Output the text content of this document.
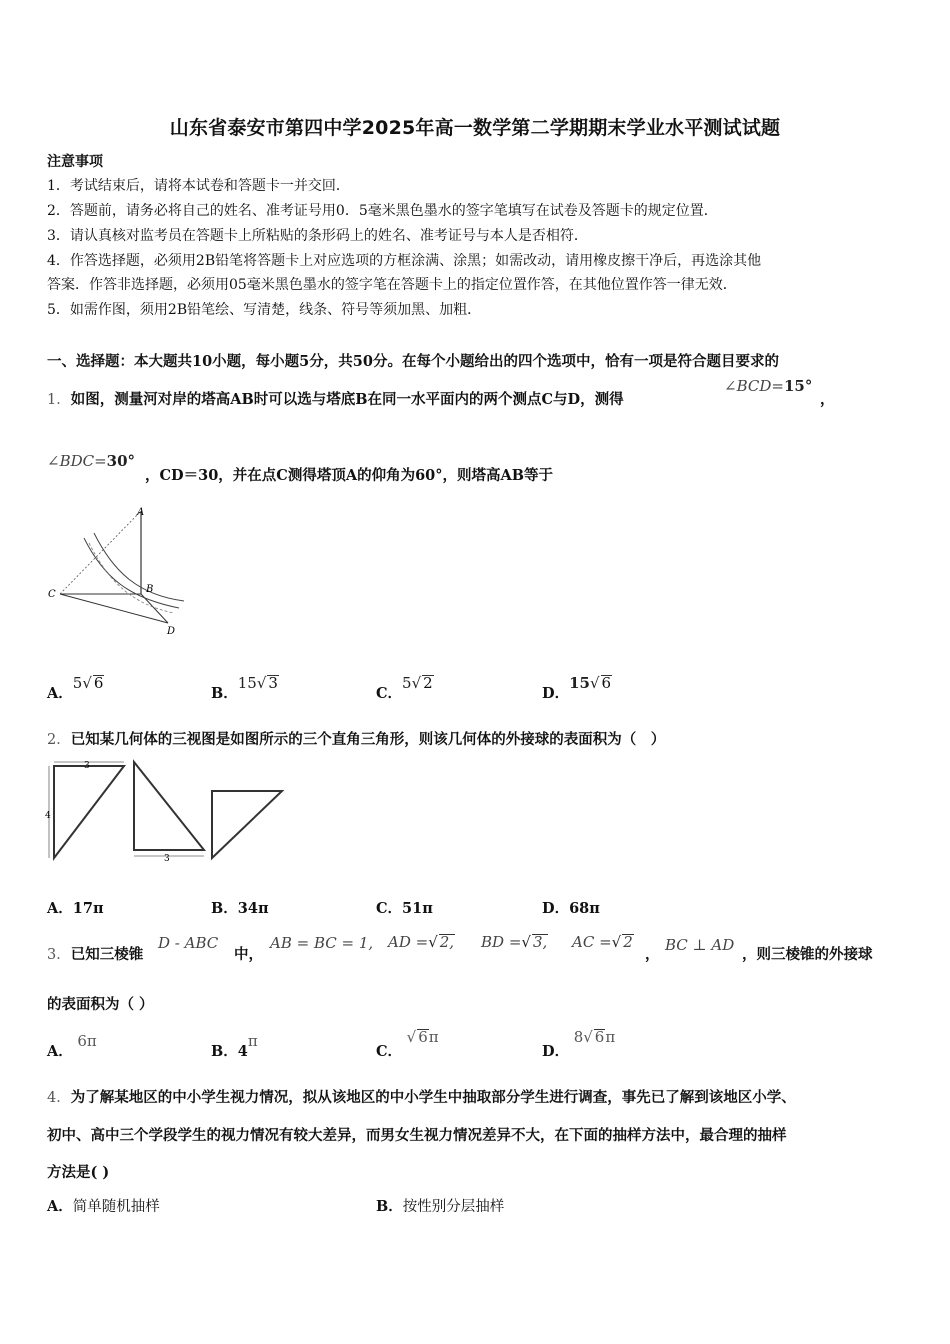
山东省泰安市第四中学2025年高一数学第二学期期末学业水平测试试题
注意事项
1．考试结束后，请将本试卷和答题卡一并交回．
2．答题前，请务必将自己的姓名、准考证号用0．5毫米黑色墨水的签字笔填写在试卷及答题卡的规定位置．
3．请认真核对监考员在答题卡上所粘贴的条形码上的姓名、准考证号与本人是否相符．
4．作答选择题，必须用2B铅笔将答题卡上对应选项的方框涂满、涂黑；如需改动，请用橡皮擦干净后，再选涂其他
答案．作答非选择题，必须用05毫米黑色墨水的签字笔在答题卡上的指定位置作答，在其他位置作答一律无效．
5．如需作图，须用2B铅笔绘、写清楚，线条、符号等须加黑、加粗．
一、选择题：本大题共10小题，每小题5分，共50分。在每个小题给出的四个选项中，恰有一项是符合题目要求的
1．如图，测量河对岸的塔高AB时可以选与塔底B在同一水平面内的两个测点C与D，测得
∠BCD=15°
，
∠BDC=30°
，CD＝30，并在点C测得塔顶A的仰角为60°，则塔高AB等于
A
B
C
D
A．5√ 6
B．15√ 3
C．5√ 2
D．15√ 6
2．已知某几何体的三视图是如图所示的三个直角三角形，则该几何体的外接球的表面积为（　）
3
4
3
A．17π	B．34π	C．51π	D．68π
3．已知三棱锥
D - ABC
中，
AB = BC = 1, AD =√ 2, BD =√ 3, AC =√ 2
，
BC ⊥ AD
，则三棱锥的外接球
的表面积为（ ）
A． 6π
B．4π
C． √ 6π
D． 8√ 6π
4．为了解某地区的中小学生视力情况，拟从该地区的中小学生中抽取部分学生进行调查，事先已了解到该地区小学、
初中、高中三个学段学生的视力情况有较大差异，而男女生视力情况差异不大，在下面的抽样方法中，最合理的抽样
方法是( )
A．简单随机抽样	B．按性别分层抽样
